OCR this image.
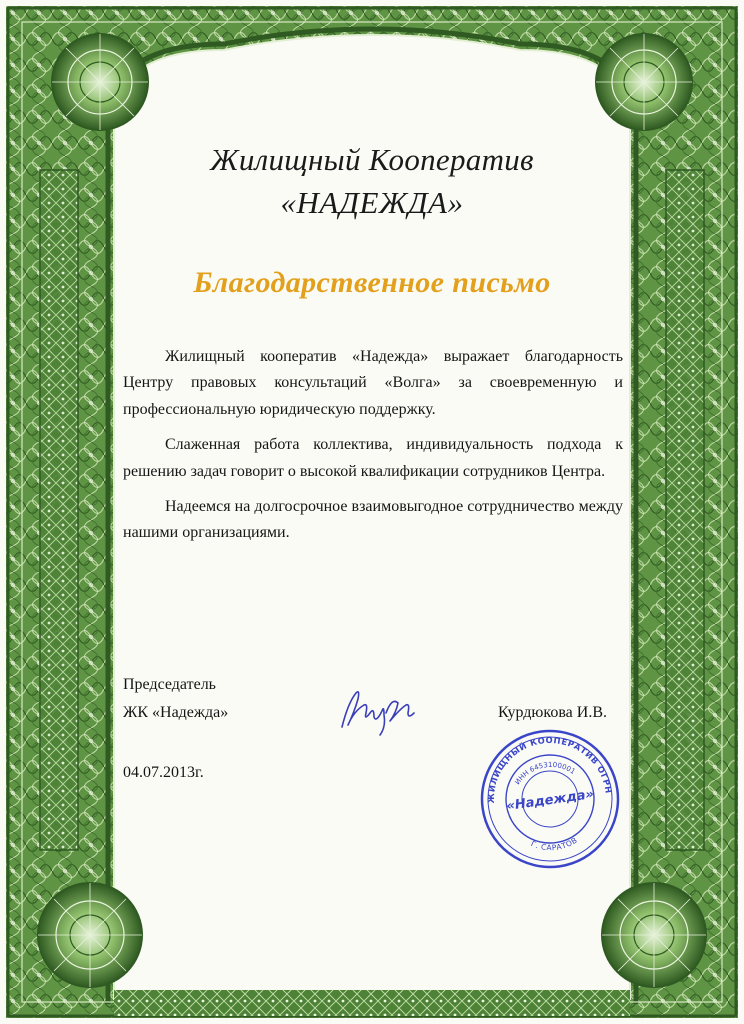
Жилищный Кооператив
«НАДЕЖДА»
Благодарственное письмо

Жилищный кооператив «Надежда» выражает благодарность Центру правовых консультаций «Волга» за своевременную и профессиональную юридическую поддержку.

Слаженная работа коллектива, индивидуальность подхода к решению задач говорит о высокой квалификации сотрудников Центра.

Надеемся на долгосрочное взаимовыгодное сотрудничество между нашими организациями.

Председатель
ЖК «Надежда»	Курдюкова И.В.
04.07.2013г.
ЖИЛИЩНЫЙ КООПЕРАТИВ ОГРН
ИНН 6453100001
Г. САРАТОВ
«Надежда»
